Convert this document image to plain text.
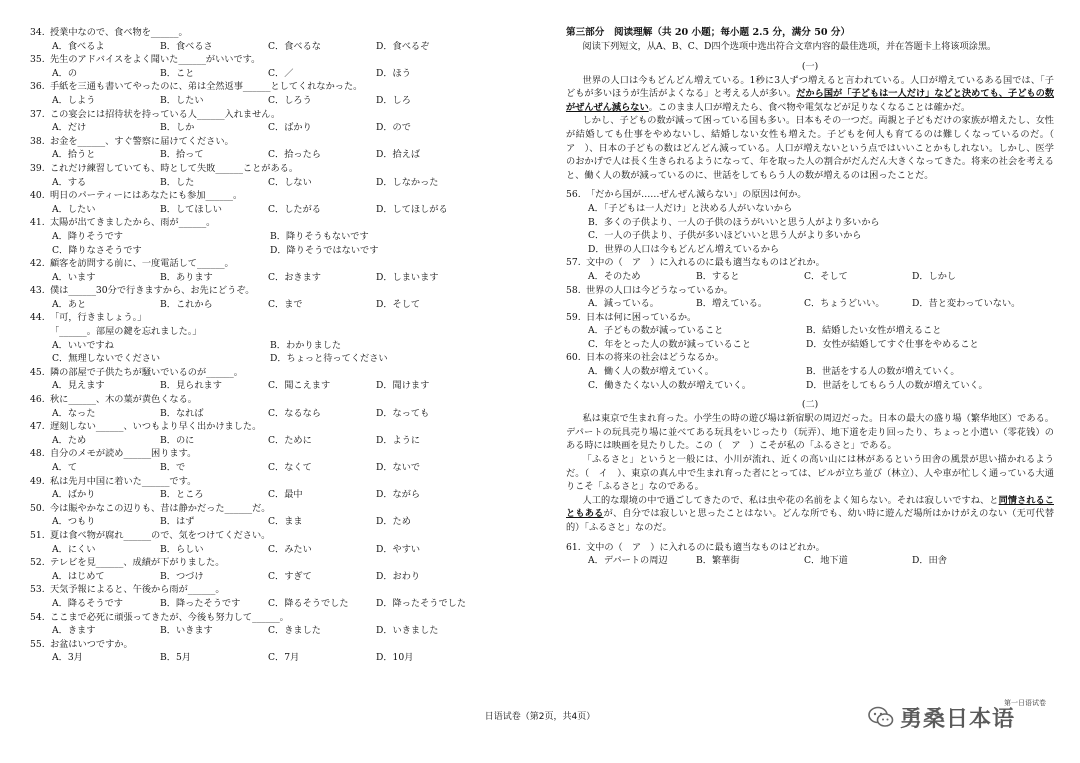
34. 授業中なので、食べ物を______。
A．食べるよ	B．食べるさ	C．食べるな	D．食べるぞ
35. 先生のアドバイスをよく聞いた______がいいです。
A．の	B．こと	C．／	D．ほう
36. 手紙を三通も書いてやったのに、弟は全然返事______としてくれなかった。
A．しよう	B．したい	C．しろう	D．しろ
37. この宴会には招待状を持っている人______入れません。
A．だけ	B．しか	C．ばかり	D．ので
38. お金を______、すぐ警察に届けてください。
A．拾うと	B．拾って	C．拾ったら	D．拾えば
39. これだけ練習していても、時として失敗______ことがある。
A．する	B．した	C．しない	D．しなかった
40. 明日のパーティーにはあなたにも参加______。
A．したい	B．してほしい	C．したがる	D．してほしがる
41. 太陽が出てきましたから、雨が______。
A．降りそうです	B．降りそうもないです
C．降りなさそうです	D．降りそうではないです
42. 顧客を訪問する前に、一度電話して______。
A．います	B．あります	C．おきます	D．しまいます
43. 僕は______30分で行きますから、お先にどうぞ。
A．あと	B．これから	C．まで	D．そして
44. 「可，行きましょう。」
「______。部屋の鍵を忘れました。」
A．いいですね	B．わかりました
C．無理しないでください	D．ちょっと待ってください
45. 隣の部屋で子供たちが騒いでいるのが______。
A．見えます	B．見られます	C．聞こえます	D．聞けます
46. 秋に______、木の葉が黄色くなる。
A．なった	B．なれば	C．なるなら	D．なっても
47. 遅刻しない______、いつもより早く出かけました。
A．ため	B．のに	C．ために	D．ように
48. 自分のメモが読め______困ります。
A．て	B．で	C．なくて	D．ないで
49. 私は先月中国に着いた______です。
A．ばかり	B．ところ	C．最中	D．ながら
50. 今は賑やかなこの辺りも、昔は静かだった______だ。
A．つもり	B．はず	C．まま	D．ため
51. 夏は食べ物が腐れ______ので、気をつけてください。
A．にくい	B．らしい	C．みたい	D．やすい
52. テレビを見______、成績が下がりました。
A．はじめて	B．つづけ	C．すぎて	D．おわり
53. 天気予報によると、午後から雨が______。
A．降るそうです	B．降ったそうです	C．降るそうでした	D．降ったそうでした
54. ここまで必死に頑張ってきたが、今後も努力して______。
A．きます	B．いきます	C．きました	D．いきました
55. お盆はいつですか。
A．3月	B．5月	C．7月	D．10月
第三部分　阅读理解（共 20 小题；每小题 2.5 分，满分 50 分）
阅读下列短文，从A、B、C、D四个选项中选出符合文章内容的最佳选项，并在答题卡上将该项涂黑。
(一)
世界の人口は今もどんどん増えている。1秒に3人ずつ増えると言われている。人口が増えているある国では、「子どもが多いほうが生活がよくなる」と考える人が多い。だから国が「子どもは一人だけ」などと決めても、子どもの数がぜんぜん減らない。このまま人口が増えたら、食べ物や電気などが足りなくなることは確かだ。
しかし、子どもの数が減って困っている国も多い。日本もその一つだ。両親と子どもだけの家族が増えたし、女性が結婚しても仕事をやめないし、結婚しない女性も増えた。子どもを何人も育てるのは難しくなっているのだ。（　ア　）、日本の子どもの数はどんどん減っている。人口が増えないという点ではいいことかもしれない。しかし、医学のおかげで人は長く生きられるようになって、年を取った人の割合がだんだん大きくなってきた。将来の社会を考えると、働く人の数が減っているのに、世話をしてもらう人の数が増えるのは困ったことだ。
56. 「だから国が……ぜんぜん減らない」の原因は何か。
A．「子どもは一人だけ」と決める人がいないから
B．多くの子供より、一人の子供のほうがいいと思う人がより多いから
C．一人の子供より、子供が多いほどいいと思う人がより多いから
D．世界の人口は今もどんどん増えているから
57. 文中の（　ア　）に入れるのに最も適当なものはどれか。
A．そのため	B．すると	C．そして	D．しかし
58. 世界の人口は今どうなっているか。
A．減っている。	B．増えている。	C．ちょうどいい。	D．昔と変わっていない。
59. 日本は何に困っているか。
A．子どもの数が減っていること	B．結婚したい女性が増えること
C．年をとった人の数が減っていること	D．女性が結婚してすぐ仕事をやめること
60. 日本の将来の社会はどうなるか。
A．働く人の数が増えていく。	B．世話をする人の数が増えていく。
C．働きたくない人の数が増えていく。	D．世話をしてもらう人の数が増えていく。
(二)
私は東京で生まれ育った。小学生の時の遊び場は新宿駅の周辺だった。日本の最大の盛り場（繁华地区）である。デパートの玩具売り場に並べてある玩具をいじったり（玩弄）、地下道を走り回ったり、ちょっと小遣い（零花钱）のある時には映画を見たりした。この（　ア　）こそが私の「ふるさと」である。
「ふるさと」というと一般には、小川が流れ、近くの高い山には林があるという田舎の風景が思い描かれるようだ。（　イ　）、東京の真ん中で生まれ育った者にとっては、ビルが立ち並び（林立）、人や車が忙しく通っている大通りこそ「ふるさと」なのである。
人工的な環境の中で過ごしてきたので、私は虫や花の名前をよく知らない。それは寂しいですね、と同情されることもあるが、自分では寂しいと思ったことはない。どんな所でも、幼い時に遊んだ場所はかけがえのない（无可代替的）「ふるさと」なのだ。
61. 文中の（　ア　）に入れるのに最も適当なものはどれか。
A．デパートの周辺	B．繁華街	C．地下道	D．田舎
日语试卷（第2页，共4页）	勇桑日本语
第一日语试卷
